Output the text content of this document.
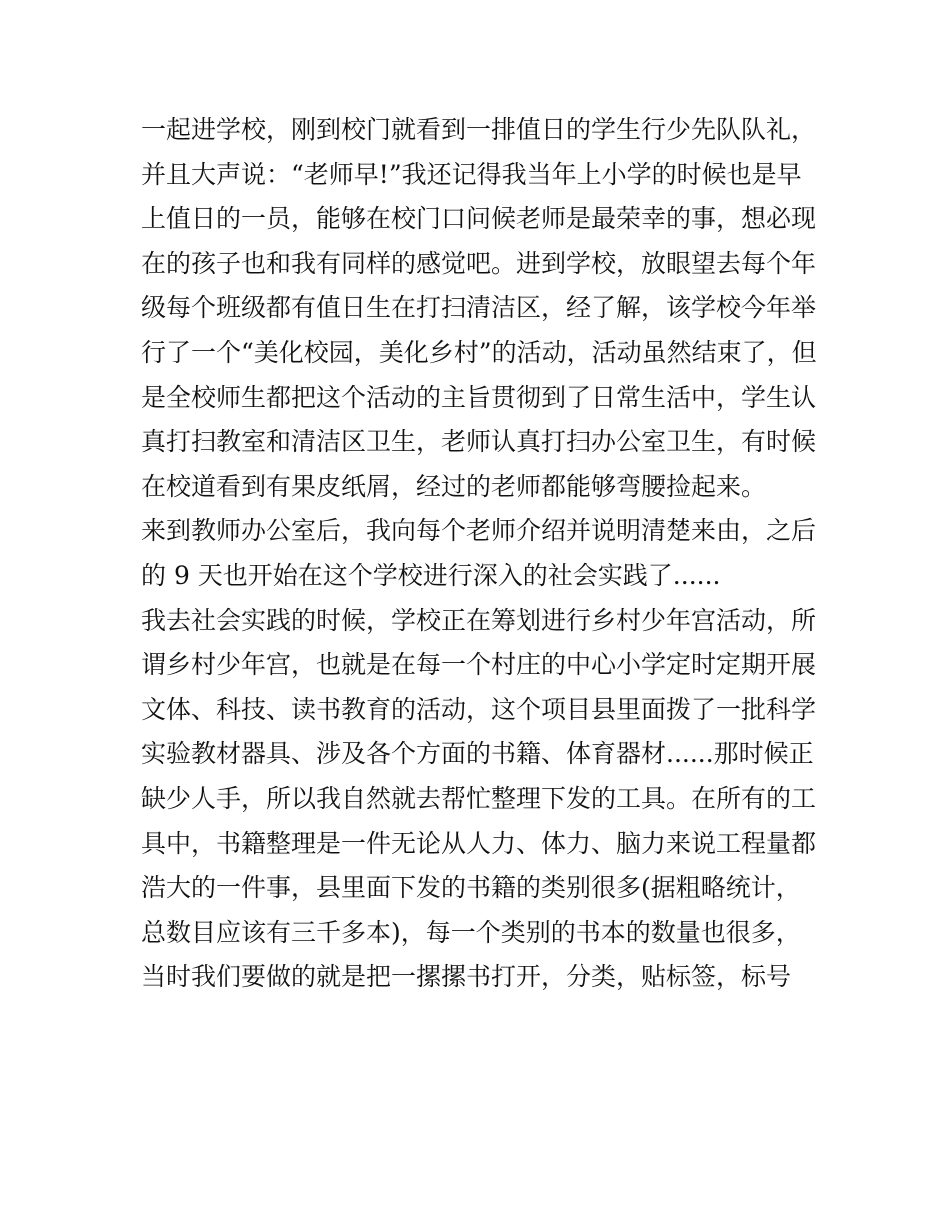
一起进学校，刚到校门就看到一排值日的学生行少先队队礼，
并且大声说：“老师早!”我还记得我当年上小学的时候也是早
上值日的一员，能够在校门口问候老师是最荣幸的事，想必现
在的孩子也和我有同样的感觉吧。进到学校，放眼望去每个年
级每个班级都有值日生在打扫清洁区，经了解，该学校今年举
行了一个“美化校园，美化乡村”的活动，活动虽然结束了，但
是全校师生都把这个活动的主旨贯彻到了日常生活中，学生认
真打扫教室和清洁区卫生，老师认真打扫办公室卫生，有时候
在校道看到有果皮纸屑，经过的老师都能够弯腰捡起来。
来到教师办公室后，我向每个老师介绍并说明清楚来由，之后
的 9 天也开始在这个学校进行深入的社会实践了......
我去社会实践的时候，学校正在筹划进行乡村少年宫活动，所
谓乡村少年宫，也就是在每一个村庄的中心小学定时定期开展
文体、科技、读书教育的活动，这个项目县里面拨了一批科学
实验教材器具、涉及各个方面的书籍、体育器材......那时候正
缺少人手，所以我自然就去帮忙整理下发的工具。在所有的工
具中，书籍整理是一件无论从人力、体力、脑力来说工程量都
浩大的一件事，县里面下发的书籍的类别很多(据粗略统计，
总数目应该有三千多本)，每一个类别的书本的数量也很多，
当时我们要做的就是把一摞摞书打开，分类，贴标签，标号
